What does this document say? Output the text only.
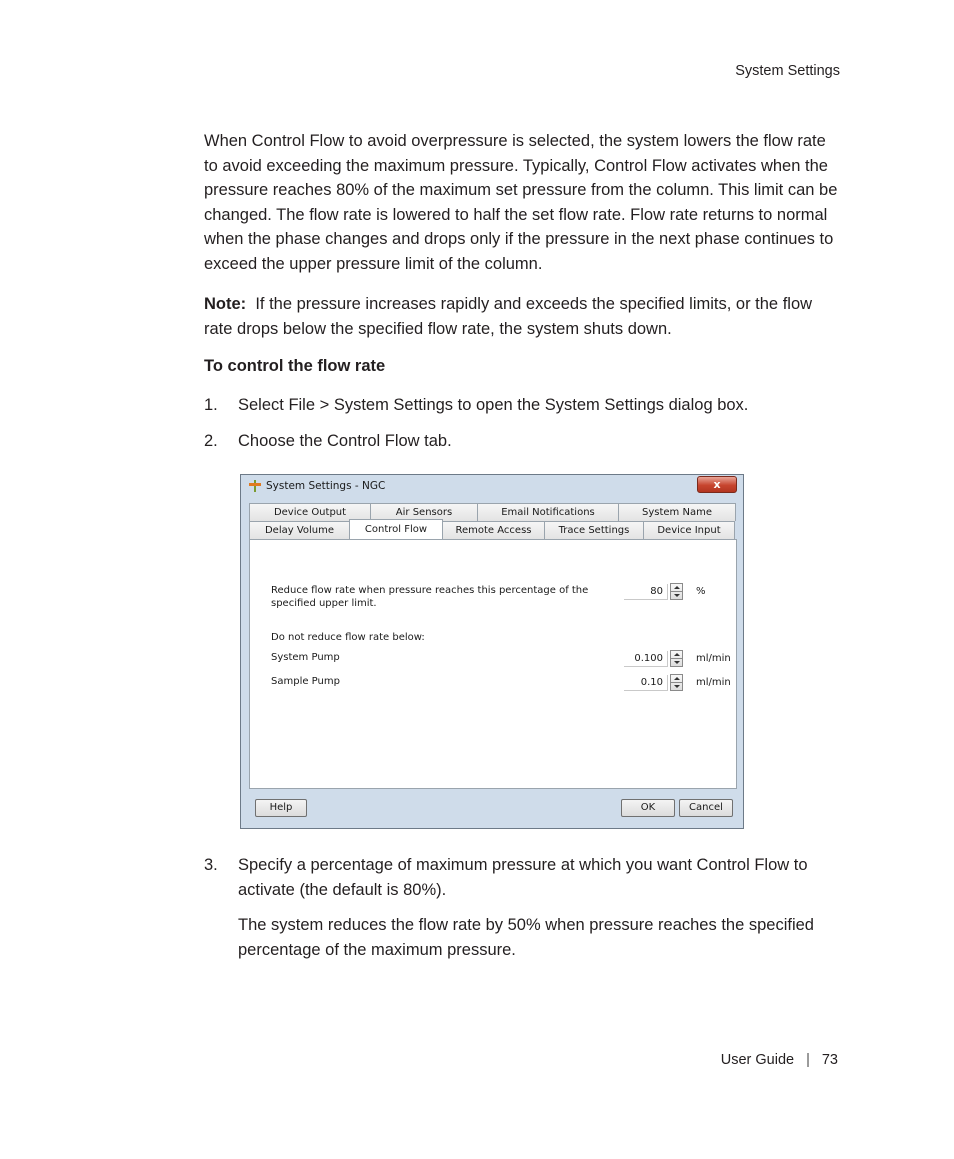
System Settings
When Control Flow to avoid overpressure is selected, the system lowers the flow rate to avoid exceeding the maximum pressure. Typically, Control Flow activates when the pressure reaches 80% of the maximum set pressure from the column. This limit can be changed. The flow rate is lowered to half the set flow rate. Flow rate returns to normal when the phase changes and drops only if the pressure in the next phase continues to exceed the upper pressure limit of the column.
Note: If the pressure increases rapidly and exceeds the specified limits, or the flow rate drops below the specified flow rate, the system shuts down.
To control the flow rate
1. Select File > System Settings to open the System Settings dialog box.
2. Choose the Control Flow tab.
System Settings - NGC	x
Device Output	Air Sensors	Email Notifications	System Name
Delay Volume	Control Flow	Remote Access	Trace Settings	Device Input
Reduce flow rate when pressure reaches this percentage of the
specified upper limit.
80	%
Do not reduce flow rate below:
System Pump	0.100	ml/min
Sample Pump	0.10	ml/min
Help	OK	Cancel
3. Specify a percentage of maximum pressure at which you want Control Flow to activate (the default is 80%).
The system reduces the flow rate by 50% when pressure reaches the specified percentage of the maximum pressure.
User Guide | 73
